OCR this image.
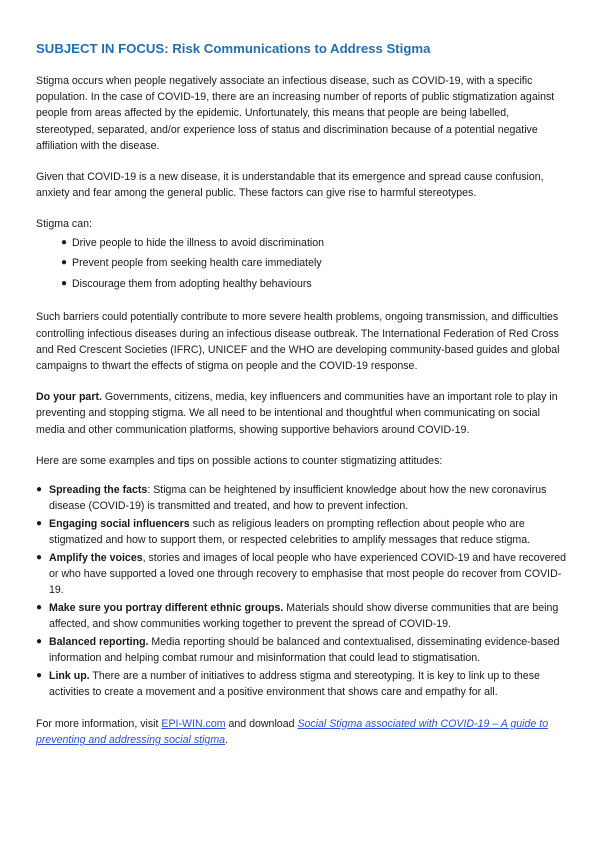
SUBJECT IN FOCUS: Risk Communications to Address Stigma

Stigma occurs when people negatively associate an infectious disease, such as COVID-19, with a specific population. In the case of COVID-19, there are an increasing number of reports of public stigmatization against people from areas affected by the epidemic. Unfortunately, this means that people are being labelled, stereotyped, separated, and/or experience loss of status and discrimination because of a potential negative affiliation with the disease.

Given that COVID-19 is a new disease, it is understandable that its emergence and spread cause confusion, anxiety and fear among the general public. These factors can give rise to harmful stereotypes.

Stigma can:

● Drive people to hide the illness to avoid discrimination
● Prevent people from seeking health care immediately
● Discourage them from adopting healthy behaviours

Such barriers could potentially contribute to more severe health problems, ongoing transmission, and difficulties controlling infectious diseases during an infectious disease outbreak. The International Federation of Red Cross and Red Crescent Societies (IFRC), UNICEF and the WHO are developing community-based guides and global campaigns to thwart the effects of stigma on people and the COVID-19 response.

Do your part. Governments, citizens, media, key influencers and communities have an important role to play in preventing and stopping stigma. We all need to be intentional and thoughtful when communicating on social media and other communication platforms, showing supportive behaviors around COVID-19.

Here are some examples and tips on possible actions to counter stigmatizing attitudes:

● Spreading the facts: Stigma can be heightened by insufficient knowledge about how the new coronavirus disease (COVID-19) is transmitted and treated, and how to prevent infection.
● Engaging social influencers such as religious leaders on prompting reflection about people who are stigmatized and how to support them, or respected celebrities to amplify messages that reduce stigma.
● Amplify the voices, stories and images of local people who have experienced COVID-19 and have recovered or who have supported a loved one through recovery to emphasise that most people do recover from COVID-19.
● Make sure you portray different ethnic groups. Materials should show diverse communities that are being affected, and show communities working together to prevent the spread of COVID-19.
● Balanced reporting. Media reporting should be balanced and contextualised, disseminating evidence-based information and helping combat rumour and misinformation that could lead to stigmatisation.
● Link up. There are a number of initiatives to address stigma and stereotyping. It is key to link up to these activities to create a movement and a positive environment that shows care and empathy for all.

For more information, visit EPI-WIN.com and download Social Stigma associated with COVID-19 – A guide to preventing and addressing social stigma.
